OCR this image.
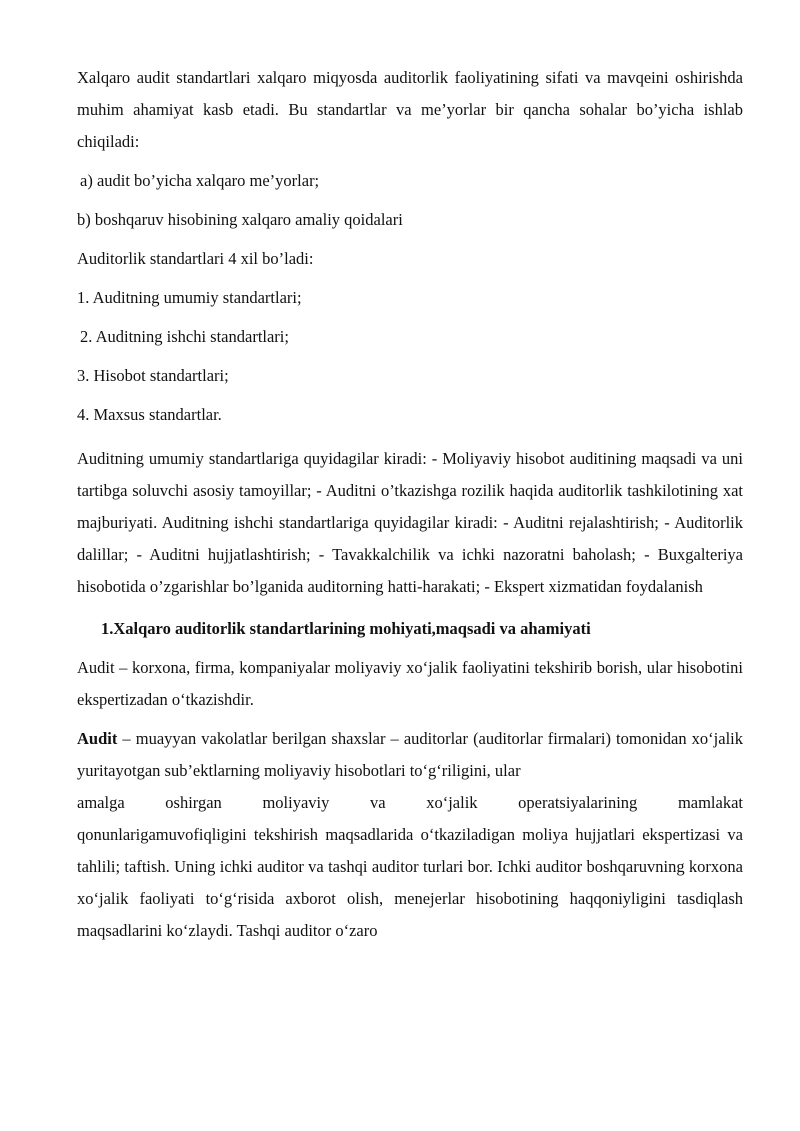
Xalqaro audit standartlari xalqaro miqyosda auditorlik faoliyatining sifati va mavqeini oshirishda muhim ahamiyat kasb etadi. Bu standartlar va me’yorlar bir qancha sohalar bo’yicha ishlab chiqiladi:

a) audit bo’yicha xalqaro me’yorlar;

b) boshqaruv hisobining xalqaro amaliy qoidalari

Auditorlik standartlari 4 xil bo’ladi:

1. Auditning umumiy standartlari;

2. Auditning ishchi standartlari;

3. Hisobot standartlari;

4. Maxsus standartlar.

Auditning umumiy standartlariga quyidagilar kiradi: - Moliyaviy hisobot auditining maqsadi va uni tartibga soluvchi asosiy tamoyillar; - Auditni o’tkazishga rozilik haqida auditorlik tashkilotining xat majburiyati. Auditning ishchi standartlariga quyidagilar kiradi: - Auditni rejalashtirish; - Auditorlik dalillar; - Auditni hujjatlashtirish; - Tavakkalchilik va ichki nazoratni baholash; - Buxgalteriya hisobotida o’zgarishlar bo’lganida auditorning hatti-harakati; - Ekspert xizmatidan foydalanish

1.Xalqaro auditorlik standartlarining mohiyati,maqsadi va ahamiyati

Audit – korxona, firma, kompaniyalar moliyaviy xo‘jalik faoliyatini tekshirib borish, ular hisobotini ekspertizadan o‘tkazishdir.

Audit – muayyan vakolatlar berilgan shaxslar – auditorlar (auditorlar firmalari) tomonidan xo‘jalik yuritayotgan sub’ektlarning moliyaviy hisobotlari to‘g‘riligini, ular

amalga oshirgan moliyaviy va xo‘jalik operatsiyalarining mamlakat

qonunlarigamuvofiqligini tekshirish maqsadlarida o‘tkaziladigan moliya hujjatlari ekspertizasi va tahlili; taftish. Uning ichki auditor va tashqi auditor turlari bor. Ichki auditor boshqaruvning korxona xo‘jalik faoliyati to‘g‘risida axborot olish, menejerlar hisobotining haqqoniyligini tasdiqlash maqsadlarini ko‘zlaydi. Tashqi auditor o‘zaro
